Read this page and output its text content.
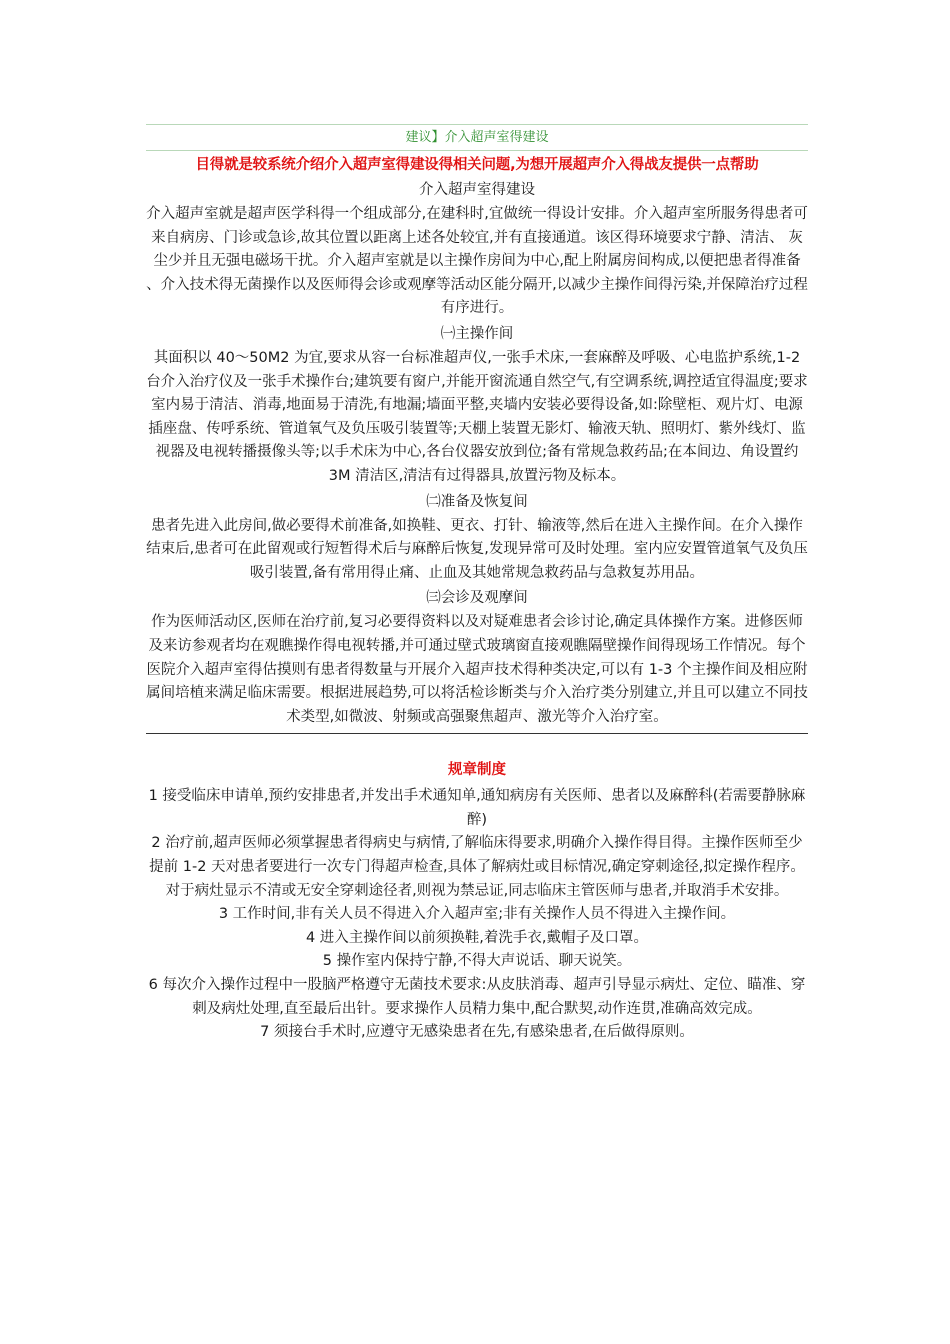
建议】介入超声室得建设
目得就是较系统介绍介入超声室得建设得相关问题,为想开展超声介入得战友提供一点帮助

介入超声室得建设

介入超声室就是超声医学科得一个组成部分,在建科时,宜做统一得设计安排。介入超声室所服务得患者可来自病房、门诊或急诊,故其位置以距离上述各处较宜,并有直接通道。该区得环境要求宁静、清洁、 灰尘少并且无强电磁场干扰。介入超声室就是以主操作房间为中心,配上附属房间构成,以便把患者得准备 、介入技术得无菌操作以及医师得会诊或观摩等活动区能分隔开,以减少主操作间得污染,并保障治疗过程有序进行。

㈠主操作间

其面积以 40～50M2 为宜,要求从容一台标准超声仪,一张手术床,一套麻醉及呼吸、心电监护系统,1-2 台介入治疗仪及一张手术操作台;建筑要有窗户,并能开窗流通自然空气,有空调系统,调控适宜得温度;要求室内易于清洁、消毒,地面易于清洗,有地漏;墙面平整,夹墙内安装必要得设备,如:除壁柜、观片灯、电源插座盘、传呼系统、管道氧气及负压吸引装置等;天棚上装置无影灯、输液天轨、照明灯、紫外线灯、监视器及电视转播摄像头等;以手术床为中心,各台仪器安放到位;备有常规急救药品;在本间边、角设置约 3M 清洁区,清洁有过得器具,放置污物及标本。

㈡准备及恢复间

患者先进入此房间,做必要得术前准备,如换鞋、更衣、打针、输液等,然后在进入主操作间。在介入操作结束后,患者可在此留观或行短暂得术后与麻醉后恢复,发现异常可及时处理。室内应安置管道氧气及负压吸引装置,备有常用得止痛、止血及其她常规急救药品与急救复苏用品。

㈢会诊及观摩间

作为医师活动区,医师在治疗前,复习必要得资料以及对疑难患者会诊讨论,确定具体操作方案。进修医师及来访参观者均在观瞧操作得电视转播,并可通过壁式玻璃窗直接观瞧隔壁操作间得现场工作情况。每个医院介入超声室得估摸则有患者得数量与开展介入超声技术得种类决定,可以有 1-3 个主操作间及相应附属间培植来满足临床需要。根据进展趋势,可以将活检诊断类与介入治疗类分别建立,并且可以建立不同技术类型,如微波、射频或高强聚焦超声、激光等介入治疗室。

规章制度

1 接受临床申请单,预约安排患者,并发出手术通知单,通知病房有关医师、患者以及麻醉科(若需要静脉麻醉)

2 治疗前,超声医师必须掌握患者得病史与病情,了解临床得要求,明确介入操作得目得。主操作医师至少提前 1-2 天对患者要进行一次专门得超声检查,具体了解病灶或目标情况,确定穿刺途径,拟定操作程序。对于病灶显示不清或无安全穿刺途径者,则视为禁忌证,同志临床主管医师与患者,并取消手术安排。

3 工作时间,非有关人员不得进入介入超声室;非有关操作人员不得进入主操作间。

4 进入主操作间以前须换鞋,着洗手衣,戴帽子及口罩。

5 操作室内保持宁静,不得大声说话、聊天说笑。

6 每次介入操作过程中一股脑严格遵守无菌技术要求:从皮肤消毒、超声引导显示病灶、定位、瞄准、穿刺及病灶处理,直至最后出针。要求操作人员精力集中,配合默契,动作连贯,准确高效完成。

7 须接台手术时,应遵守无感染患者在先,有感染患者,在后做得原则。
